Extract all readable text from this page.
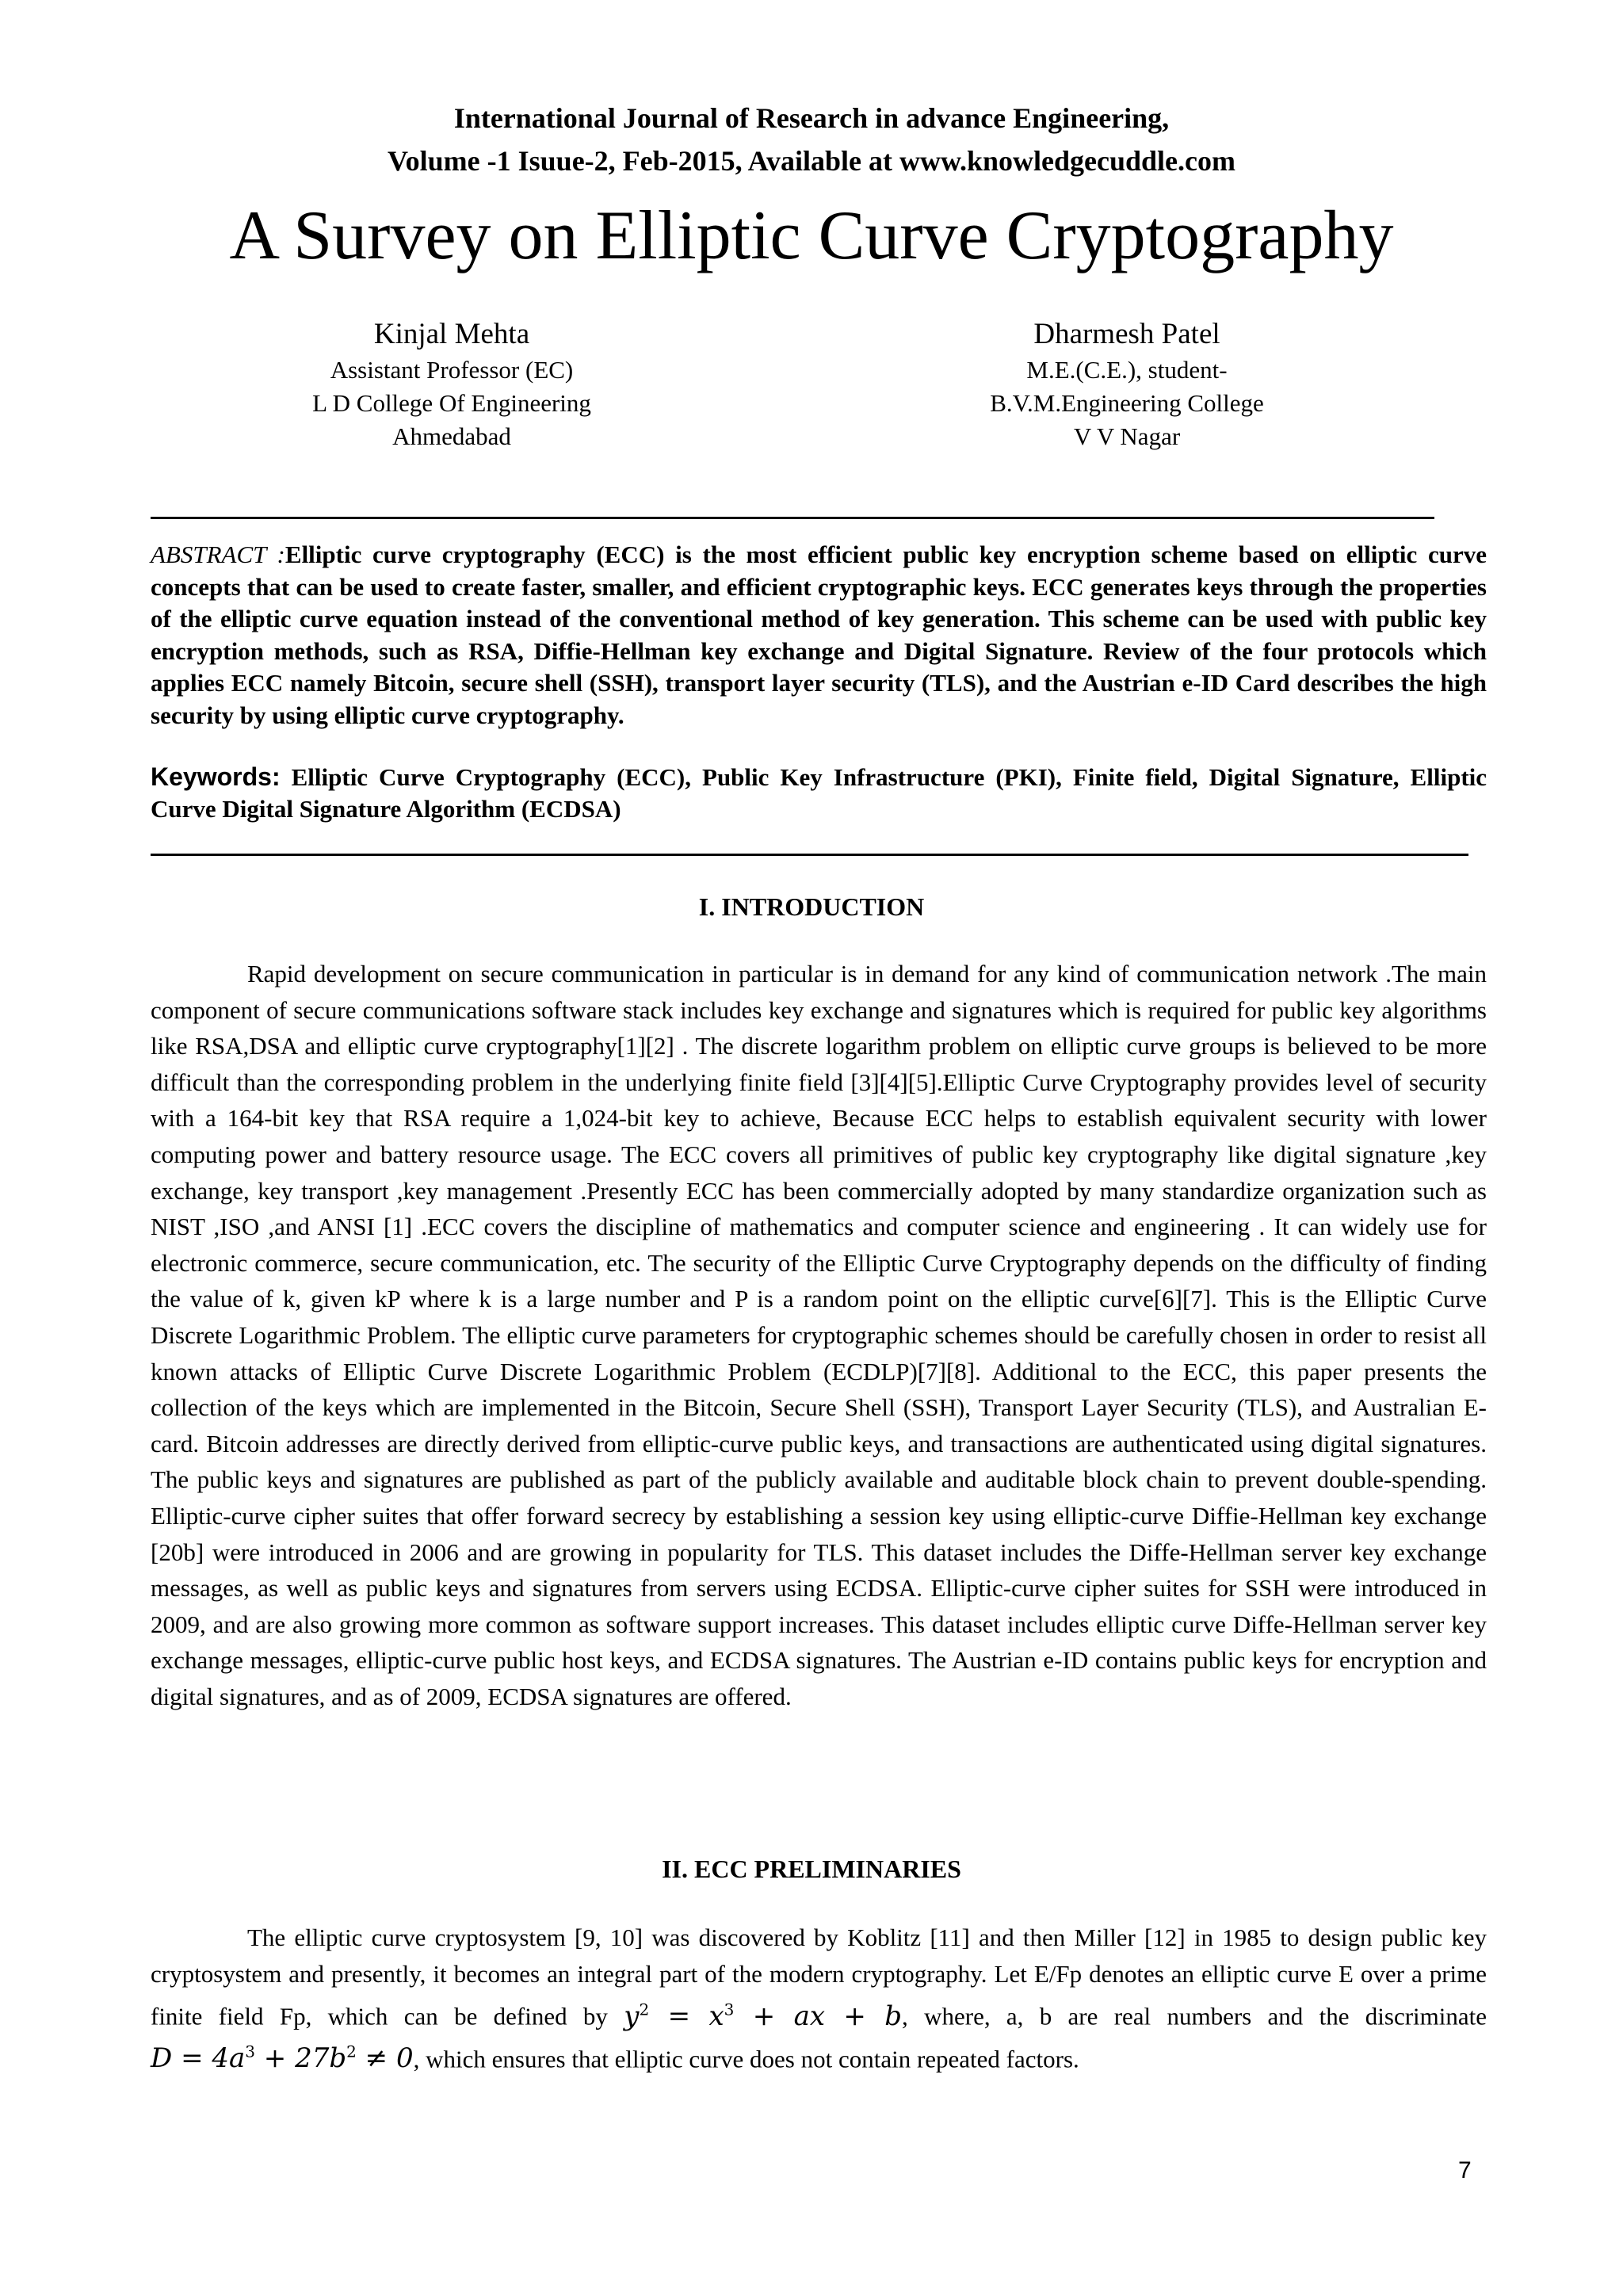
International Journal of Research in advance Engineering,
Volume -1 Isuue-2, Feb-2015, Available at www.knowledgecuddle.com
A Survey on Elliptic Curve Cryptography
Kinjal Mehta
Assistant Professor (EC)
L D College Of Engineering
Ahmedabad
Dharmesh Patel
M.E.(C.E.), student-
B.V.M.Engineering College
V V Nagar
ABSTRACT :Elliptic curve cryptography (ECC) is the most efficient public key encryption scheme based on elliptic curve concepts that can be used to create faster, smaller, and efficient cryptographic keys. ECC generates keys through the properties of the elliptic curve equation instead of the conventional method of key generation. This scheme can be used with public key encryption methods, such as RSA, Diffie-Hellman key exchange and Digital Signature. Review of the four protocols which applies ECC namely Bitcoin, secure shell (SSH), transport layer security (TLS), and the Austrian e-ID Card describes the high security by using elliptic curve cryptography.
Keywords: Elliptic Curve Cryptography (ECC), Public Key Infrastructure (PKI), Finite field, Digital Signature, Elliptic Curve Digital Signature Algorithm (ECDSA)
I. INTRODUCTION
Rapid development on secure communication in particular is in demand for any kind of communication network .The main component of secure communications software stack includes key exchange and signatures which is required for public key algorithms like RSA,DSA and elliptic curve cryptography[1][2] . The discrete logarithm problem on elliptic curve groups is believed to be more difficult than the corresponding problem in the underlying finite field [3][4][5].Elliptic Curve Cryptography provides level of security with a 164-bit key that RSA require a 1,024-bit key to achieve, Because ECC helps to establish equivalent security with lower computing power and battery resource usage. The ECC covers all primitives of public key cryptography like digital signature ,key exchange, key transport ,key management .Presently ECC has been commercially adopted by many standardize organization such as NIST ,ISO ,and ANSI [1] .ECC covers the discipline of mathematics and computer science and engineering . It can widely use for electronic commerce, secure communication, etc. The security of the Elliptic Curve Cryptography depends on the difficulty of finding the value of k, given kP where k is a large number and P is a random point on the elliptic curve[6][7]. This is the Elliptic Curve Discrete Logarithmic Problem. The elliptic curve parameters for cryptographic schemes should be carefully chosen in order to resist all known attacks of Elliptic Curve Discrete Logarithmic Problem (ECDLP)[7][8]. Additional to the ECC, this paper presents the collection of the keys which are implemented in the Bitcoin, Secure Shell (SSH), Transport Layer Security (TLS), and Australian E-card. Bitcoin addresses are directly derived from elliptic-curve public keys, and transactions are authenticated using digital signatures. The public keys and signatures are published as part of the publicly available and auditable block chain to prevent double-spending. Elliptic-curve cipher suites that offer forward secrecy by establishing a session key using elliptic-curve Diffie-Hellman key exchange [20b] were introduced in 2006 and are growing in popularity for TLS. This dataset includes the Diffe-Hellman server key exchange messages, as well as public keys and signatures from servers using ECDSA. Elliptic-curve cipher suites for SSH were introduced in 2009, and are also growing more common as software support increases. This dataset includes elliptic curve Diffe-Hellman server key exchange messages, elliptic-curve public host keys, and ECDSA signatures. The Austrian e-ID contains public keys for encryption and digital signatures, and as of 2009, ECDSA signatures are offered.
II. ECC PRELIMINARIES
The elliptic curve cryptosystem [9, 10] was discovered by Koblitz [11] and then Miller [12] in 1985 to design public key cryptosystem and presently, it becomes an integral part of the modern cryptography. Let E/Fp denotes an elliptic curve E over a prime finite field Fp, which can be defined by $y^2 = x^3$ + ax + b, where, a, b are real numbers and the discriminate $D = 4a^3 + 27b^2 \ne 0$, which ensures that elliptic curve does not contain repeated factors.
7
